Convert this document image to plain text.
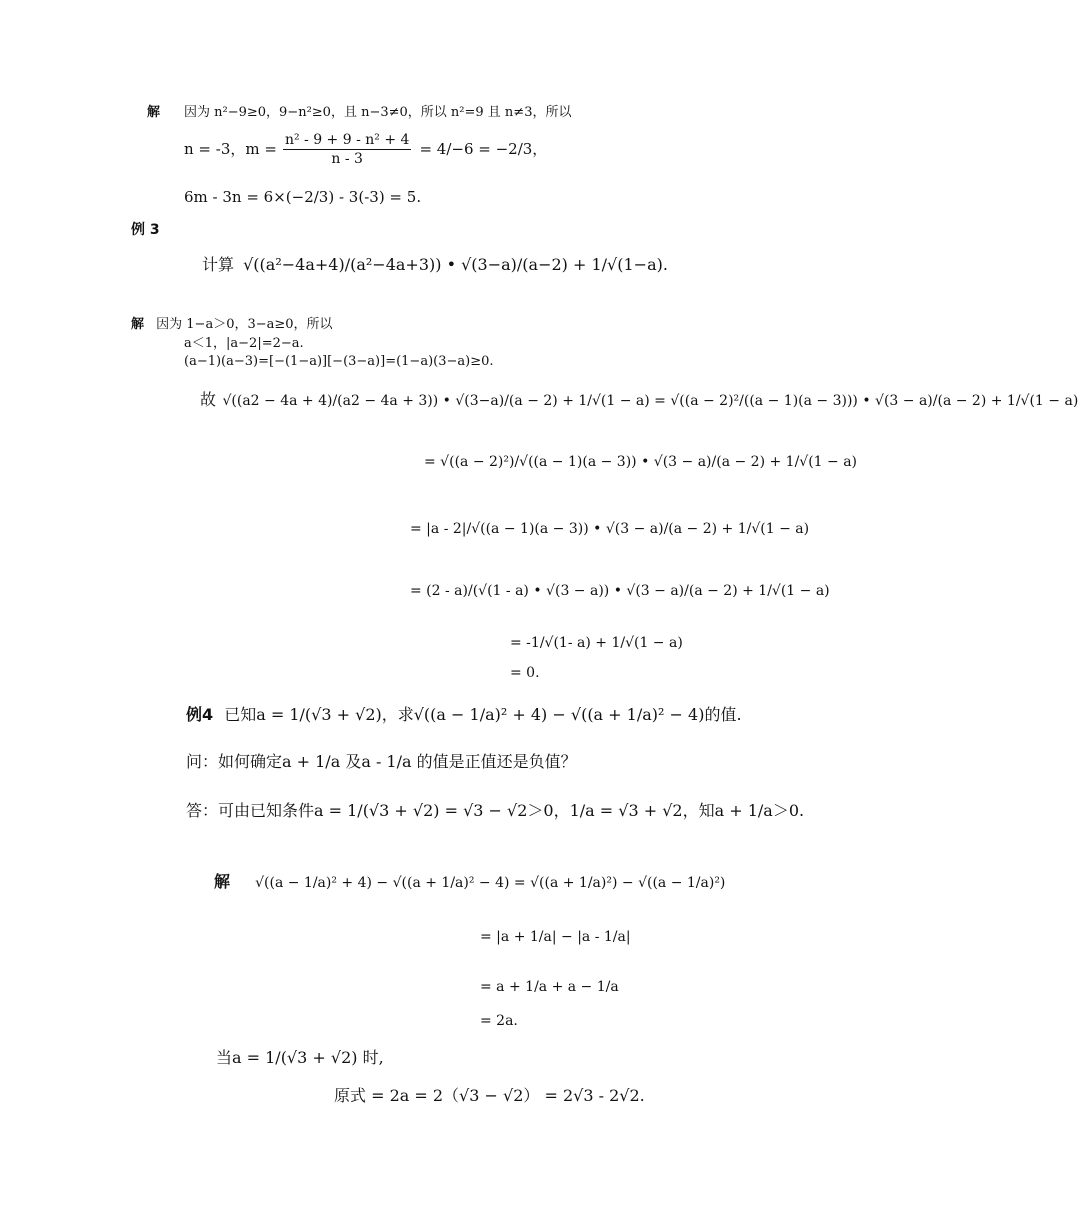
解 因为 n²−9≥0，9−n²≥0，且 n−3≠0，所以 n²=9 且 n≠3，所以
n = -3，$m = \frac{\text{n² - 9 + 9 - n² + 4}}{n - 3} = 4/-6 = -2/3$，
6m - 3n = 6×(−2/3) - 3(-3) = 5.
例 3
计算 √((a²−4a+4)/(a²−4a+3)) • √(3−a)/(a−2) + 1/√(1−a).
解 因为 1−a＞0，3−a≥0，所以
a＜1，|a−2|=2−a.
(a−1)(a−3)=[−(1−a)][−(3−a)]=(1−a)(3−a)≥0.
故 √((a2 − 4a + 4)/(a2 − 4a + 3)) • √(3−a)/(a − 2) + 1/√(1 − a) = √((a − 2)²/((a − 1)(a − 3))) • √(3 − a)/(a − 2) + 1/√(1 − a)
= √((a − 2)²)/√((a − 1)(a − 3)) • √(3 − a)/(a − 2) + 1/√(1 − a)
= |a - 2|/√((a − 1)(a − 3)) • √(3 − a)/(a − 2) + 1/√(1 − a)
= (2 - a)/(√(1 - a) • √(3 − a)) • √(3 − a)/(a − 2) + 1/√(1 − a)
= -1/√(1- a) + 1/√(1 − a)
= 0.
例4 已知a = 1/(√3 + √2)，求√((a − 1/a)² + 4) − √((a + 1/a)² − 4)的值.
问：如何确定a + 1/a 及a - 1/a 的值是正值还是负值？
答：可由已知条件a = 1/(√3 + √2) = √3 − √2＞0，1/a = √3 + √2，知a + 1/a＞0.
解 √((a − 1/a)² + 4) − √((a + 1/a)² − 4) = √((a + 1/a)²) − √((a − 1/a)²)
= |a + 1/a| − |a - 1/a|
= a + 1/a + a − 1/a
= 2a.
当a = 1/(√3 + √2) 时,
原式 = 2a = 2（√3 − √2） = 2√3 - 2√2.
